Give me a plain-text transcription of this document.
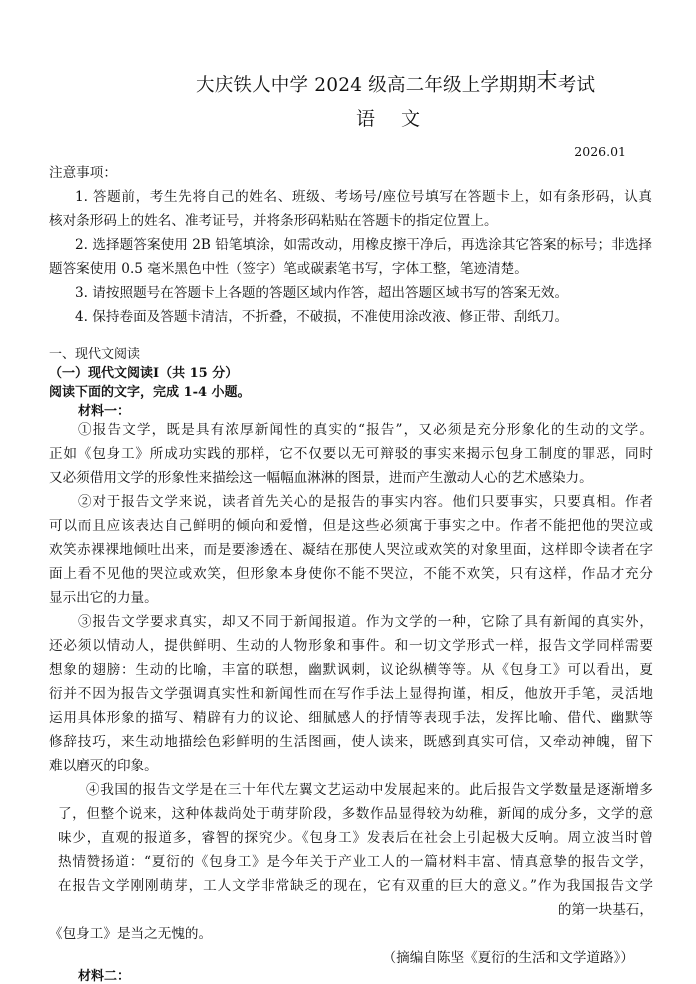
大庆铁人中学 2024 级高二年级上学期期末考试
语 文
2026.01
注意事项：
1. 答题前，考生先将自己的姓名、班级、考场号/座位号填写在答题卡上，如有条形码，认真
核对条形码上的姓名、准考证号，并将条形码粘贴在答题卡的指定位置上。
2. 选择题答案使用 2B 铅笔填涂，如需改动，用橡皮擦干净后，再选涂其它答案的标号；非选择
题答案使用 0.5 毫米黑色中性（签字）笔或碳素笔书写，字体工整，笔迹清楚。
3. 请按照题号在答题卡上各题的答题区域内作答，超出答题区域书写的答案无效。
4. 保持卷面及答题卡清洁，不折叠，不破损，不准使用涂改液、修正带、刮纸刀。
一、现代文阅读
（一）现代文阅读Ⅰ（共 15 分）
阅读下面的文字，完成 1-4 小题。
材料一：
①报告文学，既是具有浓厚新闻性的真实的“报告”，又必须是充分形象化的生动的文学。
正如《包身工》所成功实践的那样，它不仅要以无可辩驳的事实来揭示包身工制度的罪恶，同时
又必须借用文学的形象性来描绘这一幅幅血淋淋的图景，进而产生激动人心的艺术感染力。
②对于报告文学来说，读者首先关心的是报告的事实内容。他们只要事实，只要真相。作者
可以而且应该表达自己鲜明的倾向和爱憎，但是这些必须寓于事实之中。作者不能把他的哭泣或
欢笑赤裸裸地倾吐出来，而是要渗透在、凝结在那使人哭泣或欢笑的对象里面，这样即令读者在字
面上看不见他的哭泣或欢笑，但形象本身使你不能不哭泣，不能不欢笑，只有这样，作品才充分
显示出它的力量。
③报告文学要求真实，却又不同于新闻报道。作为文学的一种，它除了具有新闻的真实外，
还必须以情动人，提供鲜明、生动的人物形象和事件。和一切文学形式一样，报告文学同样需要
想象的翅膀：生动的比喻，丰富的联想，幽默讽刺，议论纵横等等。从《包身工》可以看出，夏
衍并不因为报告文学强调真实性和新闻性而在写作手法上显得拘谨，相反，他放开手笔，灵活地
运用具体形象的描写、精辟有力的议论、细腻感人的抒情等表现手法，发挥比喻、借代、幽默等
修辞技巧，来生动地描绘色彩鲜明的生活图画，使人读来，既感到真实可信，又牵动神魄，留下
难以磨灭的印象。
④我国的报告文学是在三十年代左翼文艺运动中发展起来的。此后报告文学数量是逐渐增多
了，但整个说来，这种体裁尚处于萌芽阶段，多数作品显得较为幼稚，新闻的成分多，文学的意
味少，直观的报道多，睿智的探究少。《包身工》发表后在社会上引起极大反响。周立波当时曾
热情赞扬道：“夏衍的《包身工》是今年关于产业工人的一篇材料丰富、情真意挚的报告文学，
在报告文学刚刚萌芽，工人文学非常缺乏的现在，它有双重的巨大的意义。”作为我国报告文学
的第一块基石，
《包身工》是当之无愧的。
（摘编自陈坚《夏衍的生活和文学道路》）
材料二：
